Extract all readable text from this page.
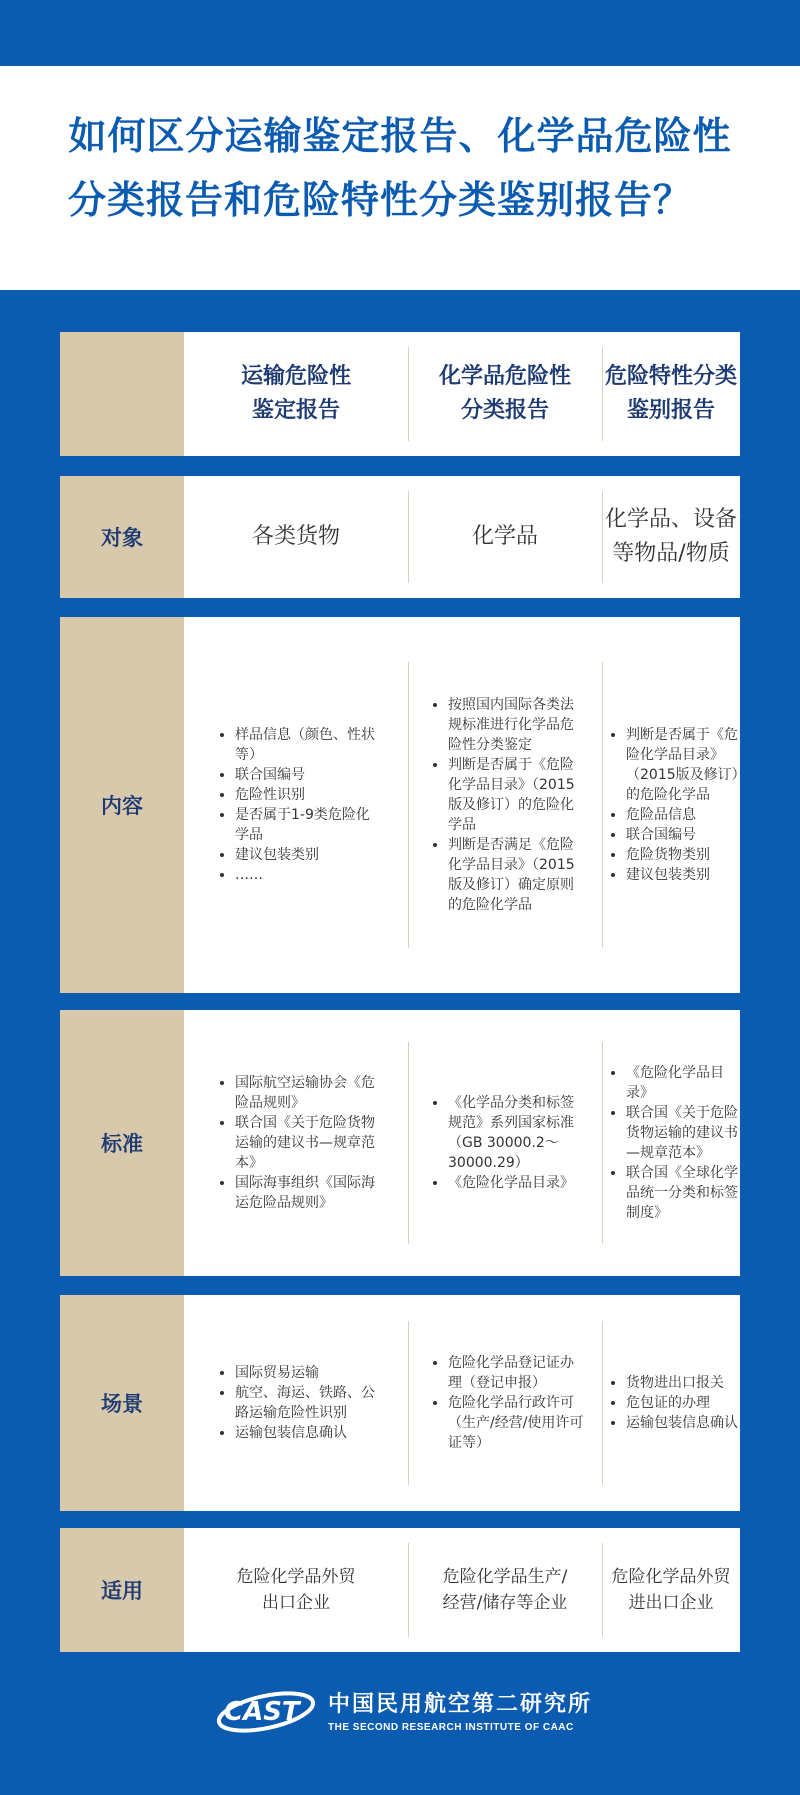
如何区分运输鉴定报告、化学品危险性
分类报告和危险特性分类鉴别报告？
运输危险性
鉴定报告
化学品危险性
分类报告
危险特性分类
鉴别报告
对象	各类货物	化学品
化学品、设备
等物品/物质
内容
• 样品信息（颜色、性状等）
• 联合国编号
• 危险性识别
• 是否属于1-9类危险化学品
• 建议包装类别
• ……
• 按照国内国际各类法规标准进行化学品危险性分类鉴定
• 判断是否属于《危险化学品目录》（2015版及修订）的危险化学品
• 判断是否满足《危险化学品目录》（2015版及修订）确定原则的危险化学品
• 判断是否属于《危险化学品目录》（2015版及修订）的危险化学品
• 危险品信息
• 联合国编号
• 危险货物类别
• 建议包装类别
标准
• 国际航空运输协会《危险品规则》
• 联合国《关于危险货物运输的建议书—规章范本》
• 国际海事组织《国际海运危险品规则》
• 《化学品分类和标签规范》系列国家标准（GB 30000.2～30000.29）
• 《危险化学品目录》
• 《危险化学品目录》
• 联合国《关于危险货物运输的建议书—规章范本》
• 联合国《全球化学品统一分类和标签制度》
场景
• 国际贸易运输
• 航空、海运、铁路、公路运输危险性识别
• 运输包装信息确认
• 危险化学品登记证办理（登记申报）
• 危险化学品行政许可（生产/经营/使用许可证等）
• 货物进出口报关
• 危包证的办理
• 运输包装信息确认
适用
危险化学品外贸
出口企业
危险化学品生产/
经营/储存等企业
危险化学品外贸
进出口企业
CAST 中国民用航空第二研究所
THE SECOND RESEARCH INSTITUTE OF CAAC
